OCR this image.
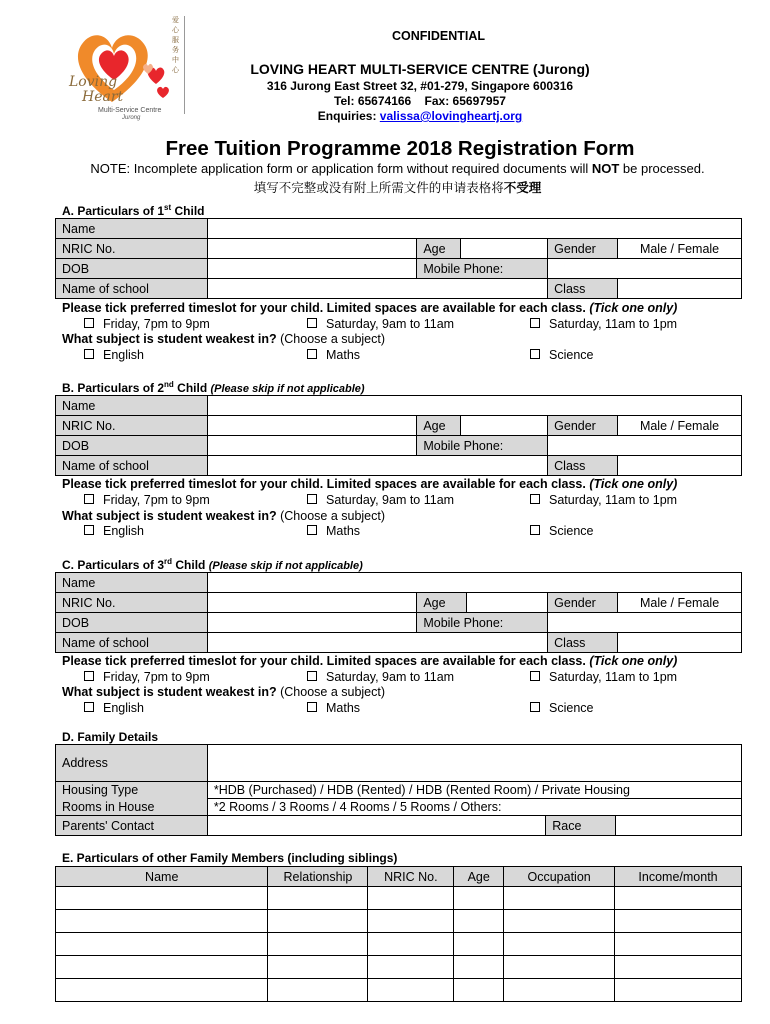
Loving
Heart
Multi-Service Centre
Jurong
爱心服务中心
CONFIDENTIAL
LOVING HEART MULTI-SERVICE CENTRE (Jurong)
316 Jurong East Street 32, #01-279, Singapore 600316
Tel: 65674166    Fax: 65697957
Enquiries: valissa@lovingheartj.org
Free Tuition Programme 2018 Registration Form
NOTE: Incomplete application form or application form without required documents will NOT be processed.
填写不完整或没有附上所需文件的申请表格将不受理
A. Particulars of 1st Child
Name					
NRIC No.		Age		Gender	Male / Female
DOB		Mobile Phone:			
Name of school				Class	
Please tick preferred timeslot for your child. Limited spaces are available for each class. (Tick one only)
Friday, 7pm to 9pm	Saturday, 9am to 11am	Saturday, 11am to 1pm
What subject is student weakest in? (Choose a subject)
English	Maths	Science
B. Particulars of 2nd Child (Please skip if not applicable)
Name					
NRIC No.		Age		Gender	Male / Female
DOB		Mobile Phone:			
Name of school				Class	
Please tick preferred timeslot for your child. Limited spaces are available for each class. (Tick one only)
Friday, 7pm to 9pm	Saturday, 9am to 11am	Saturday, 11am to 1pm
What subject is student weakest in? (Choose a subject)
English	Maths	Science
C. Particulars of 3rd Child (Please skip if not applicable)
Name					
NRIC No.		Age		Gender	Male / Female
DOB		Mobile Phone:			
Name of school				Class	
Please tick preferred timeslot for your child. Limited spaces are available for each class. (Tick one only)
Friday, 7pm to 9pm	Saturday, 9am to 11am	Saturday, 11am to 1pm
What subject is student weakest in? (Choose a subject)
English	Maths	Science
D. Family Details
Address			
Housing Type	*HDB (Purchased) / HDB (Rented) / HDB (Rented Room) / Private Housing		
Rooms in House	*2 Rooms / 3 Rooms / 4 Rooms / 5 Rooms / Others:		
Parents' Contact		Race	
E. Particulars of other Family Members (including siblings)
Name	Relationship	NRIC No.	Age	Occupation	Income/month
